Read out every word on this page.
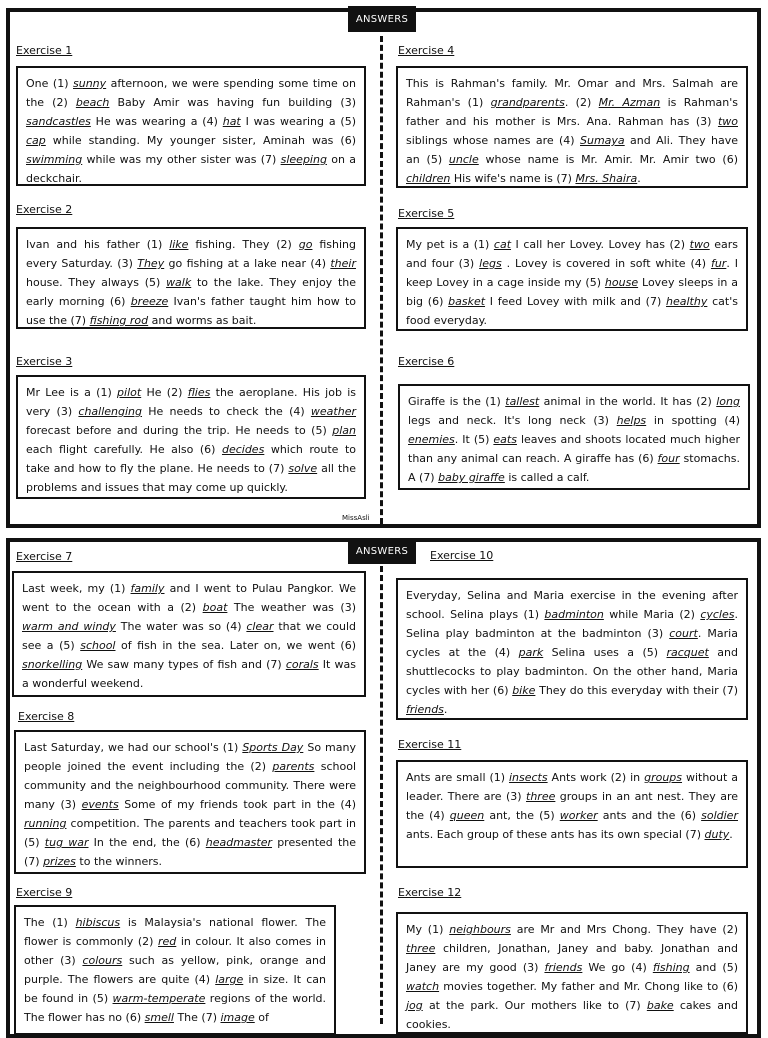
ANSWERS
ANSWERS
MissAsli
Exercise 1
One (1) sunny afternoon, we were spending some time on the (2) beach Baby Amir was having fun building (3) sandcastles He was wearing a (4) hat I was wearing a (5) cap while standing. My younger sister, Aminah was (6) swimming while was my other sister was (7) sleeping on a deckchair.
Exercise 2
Ivan and his father (1) like fishing. They (2) go fishing every Saturday. (3) They go fishing at a lake near (4) their house. They always (5) walk to the lake. They enjoy the early morning (6) breeze Ivan's father taught him how to use the (7) fishing rod and worms as bait.
Exercise 3
Mr Lee is a (1) pilot He (2) flies the aeroplane. His job is very (3) challenging He needs to check the (4) weather forecast before and during the trip. He needs to (5) plan each flight carefully. He also (6) decides which route to take and how to fly the plane. He needs to (7) solve all the problems and issues that may come up quickly.
Exercise 4
This is Rahman's family. Mr. Omar and Mrs. Salmah are Rahman's (1) grandparents. (2) Mr. Azman is Rahman's father and his mother is Mrs. Ana. Rahman has (3) two siblings whose names are (4) Sumaya and Ali. They have an (5) uncle whose name is Mr. Amir. Mr. Amir two (6) children His wife's name is (7) Mrs. Shaira.
Exercise 5
My pet is a (1) cat I call her Lovey. Lovey has (2) two ears and four (3) legs . Lovey is covered in soft white (4) fur. I keep Lovey in a cage inside my (5) house Lovey sleeps in a big (6) basket I feed Lovey with milk and (7) healthy cat's food everyday.
Exercise 6
Giraffe is the (1) tallest animal in the world. It has (2) long legs and neck. It's long neck (3) helps in spotting (4) enemies. It (5) eats leaves and shoots located much higher than any animal can reach. A giraffe has (6) four stomachs. A (7) baby giraffe is called a calf.
Exercise 7
Last week, my (1) family and I went to Pulau Pangkor. We went to the ocean with a (2) boat The weather was (3) warm and windy The water was so (4) clear that we could see a (5) school of fish in the sea. Later on, we went (6) snorkelling We saw many types of fish and (7) corals It was a wonderful weekend.
Exercise 8
Last Saturday, we had our school's (1) Sports Day So many people joined the event including the (2) parents school community and the neighbourhood community. There were many (3) events Some of my friends took part in the (4) running competition. The parents and teachers took part in (5) tug war In the end, the (6) headmaster presented the (7) prizes to the winners.
Exercise 9
The (1) hibiscus is Malaysia's national flower. The flower is commonly (2) red in colour. It also comes in other (3) colours such as yellow, pink, orange and purple. The flowers are quite (4) large in size. It can be found in (5) warm-temperate regions of the world. The flower has no (6) smell The (7) image of
Exercise 10
Everyday, Selina and Maria exercise in the evening after school. Selina plays (1) badminton while Maria (2) cycles. Selina play badminton at the badminton (3) court. Maria cycles at the (4) park Selina uses a (5) racquet and shuttlecocks to play badminton. On the other hand, Maria cycles with her (6) bike They do this everyday with their (7) friends.
Exercise 11
Ants are small (1) insects Ants work (2) in groups without a leader. There are (3) three groups in an ant nest. They are the (4) queen ant, the (5) worker ants and the (6) soldier ants. Each group of these ants has its own special (7) duty.
Exercise 12
My (1) neighbours are Mr and Mrs Chong. They have (2) three children, Jonathan, Janey and baby. Jonathan and Janey are my good (3) friends We go (4) fishing and (5) watch movies together. My father and Mr. Chong like to (6) jog at the park. Our mothers like to (7) bake cakes and cookies.
